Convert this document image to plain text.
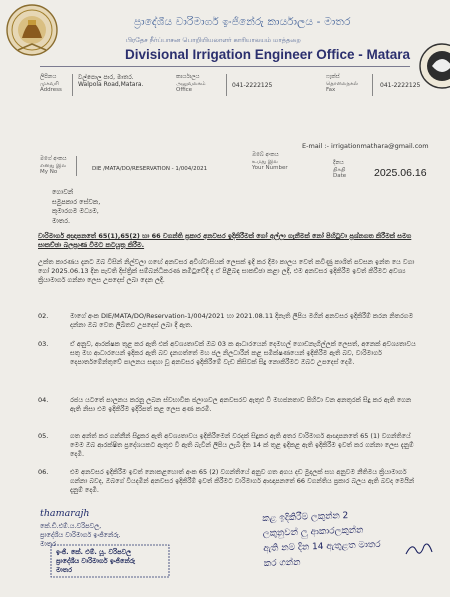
ප්‍රාදේශීය වාරිමාර්ග ඉංජිනේරු කාර්යාලය - මාතර
பிரதேச நீர்ப்பாசன பொறியியலாளர் காரியாலயம் மாத்தறை
Divisional Irrigation Engineer Office - Matara
ලිපිනය
முகவரி
Address
වල්පොල පාර, මාතර.
Walpola Road,Matara.
කාර්යාලය
அலுவலகம்
Office
041-2222125
ෆැක්ස්
தொலைநகல்
Fax
041-2222125
E-mail :- irrigationmathara@gmail.com
මගේ අංකය
எனது இல
My No	DIE /MATA/DO/RESERVATION - 1/004/2021
ඔබේ අංකය
உமது இல
Your Number
දිනය
திகதி
Date	2025.06.16
ගොවන්
සමුපකාර සේවක,
කුමාරගම මධ්‍යම,
මාතර.
වාරිමාර්ග අඥාපනතේ 65(1),65(2) හා 66 වගන්ති ප්‍රකාර අනවසර ඉදිකිරීමක් ගෝ අල්ලා ගැනීමක් නෝ පිහිටුවා ප්‍රශ්නගත කිරීමක් සමග සාකච්ඡා බලප්‍රාණ වීමට කටයුතු කිරීම.
උක්ත කාරණය දැනට ඔබ විසින් නිල්වලා ගඟේ අනවසර අවිශ්වාසියක් ලෙසක් ඉදි කර දීමා කාලය වෙත් කවිණු කාශිත් පවසන ඉන්ත යෙ වගා ගෝ 2025.06.13 දින පැවති දිස්ත්‍රික් සම්බන්ධීකරණ කමිටුවේදී ද ඒ පිළිබඳ සාකච්ඡා කළා ලදී, එම අනවසර ඉදිකිරීම ඉවත් කිරීමට අවශ්‍ය ක්‍රියාමාර්ග ගන්නා ලෙස උපදෙස් ලබා දෙන ලදී.
02.	මාගේ අංක DIE/MATA/DO/Reservation-1/004/2021 හා 2021.08.11 දිනැති ලිපිය මගින් අනවසර ඉදිකිරීම් කරන නිතරගම දන්නා ඔබ වෙත ලිඛිතව උපදෙස් ලබා දී ඇත.
03.	ඒ අනුව, ආරක්ෂක තුළ කර ඇති එක් අවශ්‍යතාවක් ඔබ 03 ක ආධාරයෙන් දෙමහල් ගොඩනැගිල්ලක් ලෙසත්, අනෙක් අවශ්‍යතාවය සතු මහ ආධාරයෙන් ඉදිකර ඇති බව දැනගත්තේ මහ ජල නිලධාරීන් කළ සමීක්ෂණයෙන් ඉදිකිරීම ඇති බව, වාරිමාර්ග දෙපාර්තමේන්තුවේ පාලනය සඳහා වූ අනවසර ඉදිකිරීමේ වැඩ කිසිවක් සිදු නොකිරීමට ඔබට උපදෙස් දෙමි.
04.	රජය යටතේ පාලනය කරනු ලබන ස්වභාවික ජලාශවල අනවසරව ඇතුළු වී මහජනතාව පිහිටා වන අනතුරක් සිදු කර ඇති ගෙන ඇති නිසා එම ඉදිකිරීම ඉදිරිපත් කළ ලෙස අණ කරමි.
05.	ගත අන්ත් කර ගන්නීන් සිදුකර ඇති අවශ්‍යතාවය ඉදිකිරීමෙන් වරදක් සිදුකර ඇති අතර වාරිමාර්ග ආඥාපනතේ 65 (1) වගන්තියේ මෙම ඔබ ආරක්ෂිත ප්‍රදේශයකට ඇතුළු වී ඇති බැවින් ලිපිය ලැබී දින 14 ක් තුළ ඉදිකළ ඇති ඉදිකිරීම ඉවත් කර ගන්නා ලෙස දැනුම් දෙමි.
06.	එම අනවසර ඉදිකිරීම ඉවත් නොකළහොත් අංක 65 (2) වගන්තියේ අනුව ගත අගය දඩ මුදලක් සහ අනුවම නීතිමය ක්‍රියාමාර්ග ගන්නා බවද, ඔබගේ වියදමින් අනවසර ඉදිකිරීම් ඉවත් කිරීමට වාරිමාර්ග ආඥාපනතේ 66 වගන්තිය ප්‍රකාර බලය ඇති බවද මෙයින් දැනුම් දෙමි.
thamarajh
කේ.ඩී.එම්.ය.වරිපවල,
ප්‍රාදේශීය වාරිමාර්ග ඉංජිනේරු.
මාතර
ඉංජි. කේ. එම්. යූ. වරිපවල
ප්‍රාදේශීය වාරිමාර්ග ඉංජිනේරු
මාතර
කළ ඉදිකිරීම් ලකුන්න 2
ලකුනුවන් ලු ආකාරලකුන්න
ඇති නම් දින 14 ඇතුළත මාතර
කර ගන්න
